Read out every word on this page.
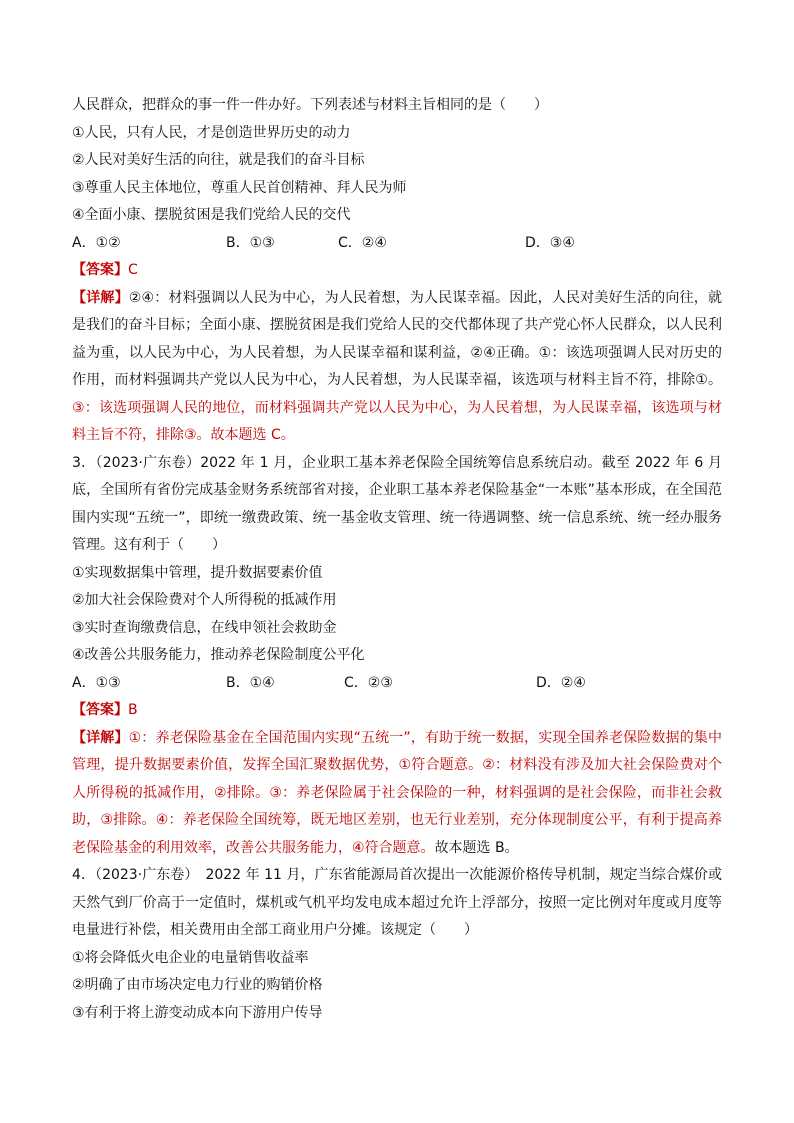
人民群众，把群众的事一件一件办好。下列表述与材料主旨相同的是（　　）

①人民，只有人民，才是创造世界历史的动力

②人民对美好生活的向往，就是我们的奋斗目标

③尊重人民主体地位，尊重人民首创精神、拜人民为师

④全面小康、摆脱贫困是我们党给人民的交代

A．①②	B．①③	C．②④	D．③④

【答案】C

【详解】②④：材料强调以人民为中心，为人民着想，为人民谋幸福。因此，人民对美好生活的向往，就是我们的奋斗目标；全面小康、摆脱贫困是我们党给人民的交代都体现了共产党心怀人民群众，以人民利益为重，以人民为中心，为人民着想，为人民谋幸福和谋利益，②④正确。①：该选项强调人民对历史的作用，而材料强调共产党以人民为中心，为人民着想，为人民谋幸福，该选项与材料主旨不符，排除①。③：该选项强调人民的地位，而材料强调共产党以人民为中心，为人民着想，为人民谋幸福，该选项与材料主旨不符，排除③。故本题选 C。

3．（2023·广东卷）2022 年 1 月，企业职工基本养老保险全国统筹信息系统启动。截至 2022 年 6 月底，全国所有省份完成基金财务系统部省对接，企业职工基本养老保险基金“一本账”基本形成，在全国范围内实现“五统一”，即统一缴费政策、统一基金收支管理、统一待遇调整、统一信息系统、统一经办服务管理。这有利于（　　）

①实现数据集中管理，提升数据要素价值

②加大社会保险费对个人所得税的抵减作用

③实时查询缴费信息，在线申领社会救助金

④改善公共服务能力，推动养老保险制度公平化

A．①③	B．①④	C．②③	D．②④

【答案】B

【详解】①：养老保险基金在全国范围内实现“五统一”，有助于统一数据，实现全国养老保险数据的集中管理，提升数据要素价值，发挥全国汇聚数据优势，①符合题意。②：材料没有涉及加大社会保险费对个人所得税的抵减作用，②排除。③：养老保险属于社会保险的一种，材料强调的是社会保险，而非社会救助，③排除。④：养老保险全国统筹，既无地区差别，也无行业差别，充分体现制度公平，有利于提高养老保险基金的利用效率，改善公共服务能力，④符合题意。故本题选 B。

4．（2023·广东卷）　2022 年 11 月，广东省能源局首次提出一次能源价格传导机制，规定当综合煤价或天然气到厂价高于一定值时，煤机或气机平均发电成本超过允许上浮部分，按照一定比例对年度或月度等电量进行补偿，相关费用由全部工商业用户分摊。该规定（　　）

①将会降低火电企业的电量销售收益率

②明确了由市场决定电力行业的购销价格

③有利于将上游变动成本向下游用户传导
